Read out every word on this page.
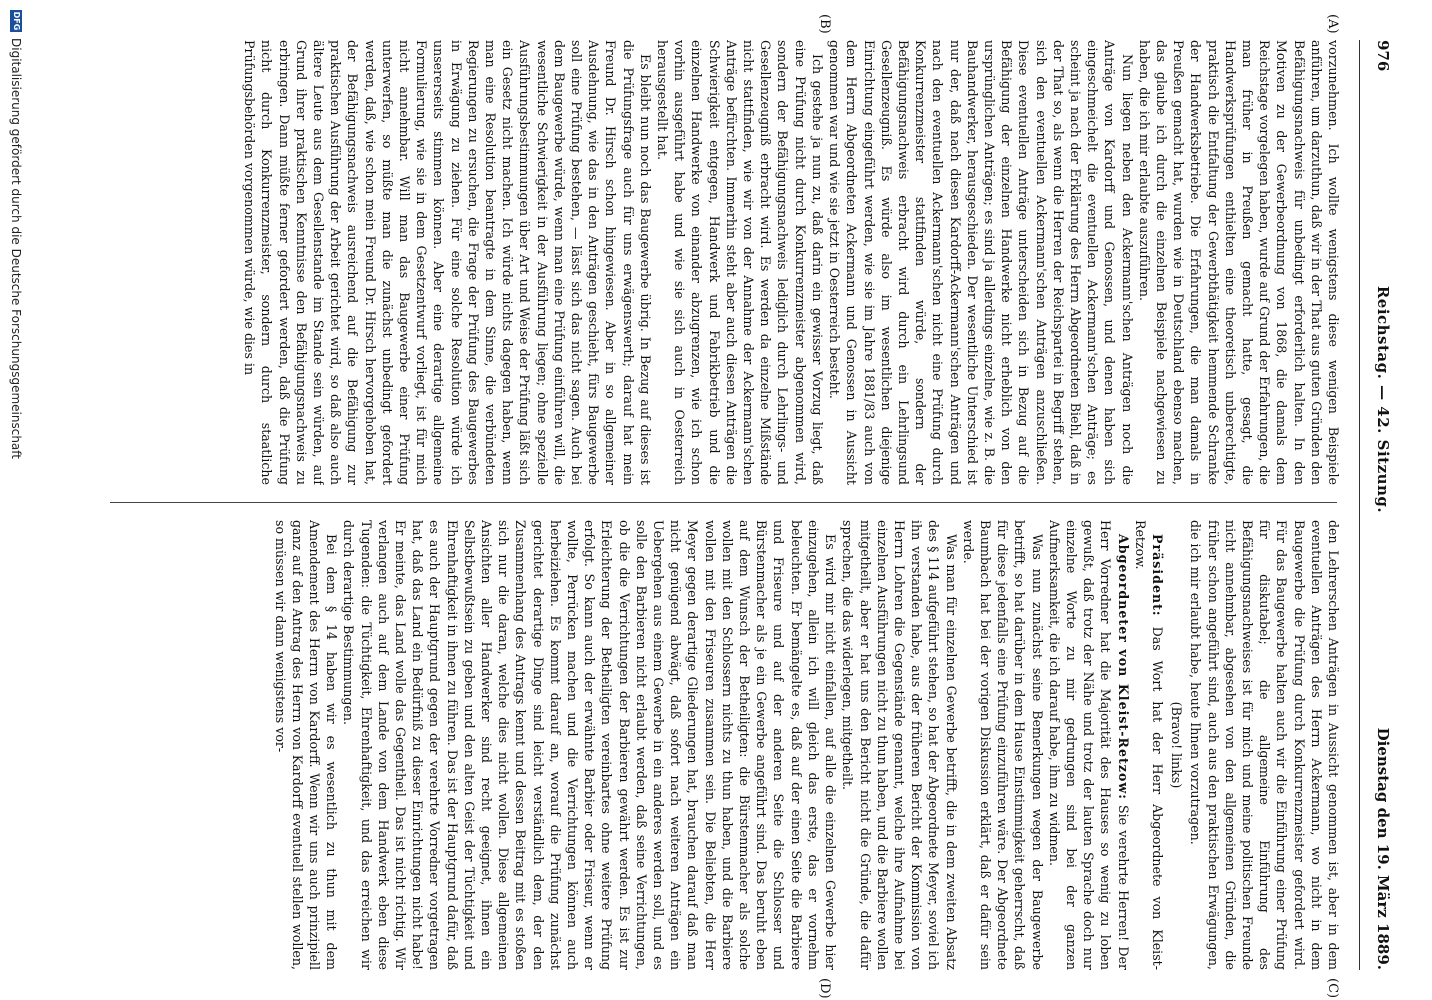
976
Reichstag. — 42. Sitzung.
Dienstag den 19. März 1889.
(A)
(B)
(C)
(D)

vorzunehmen. Ich wollte wenigstens diese wenigen Beispiele anführen, um darzuthun, daß wir in der That aus guten Gründen den Befähigungsnachweis für unbedingt erforderlich halten. In den Motiven zu der Gewerbeordnung von 1868, die damals dem Reichstage vorgelegen haben, wurde auf Grund der Erfahrungen, die man früher in Preußen gemacht hatte, gesagt, die Handwerksprüfungen enthielten eine theoretisch unberechtigte, praktisch die Entfaltung der Gewerbthätigkeit hemmende Schranke der Handwerksbetriebe. Die Erfahrungen, die man damals in Preußen gemacht hat, wurden wie in Deutschland ebenso machen, das glaube ich durch die einzelnen Beispiele nachgewiesen zu haben, die ich mir erlaubte auszuführen.

Nun liegen neben den Ackermann'schen Anträgen noch die Anträge von Kardorff und Genossen, und denen haben sich eingeschmeichelt die eventuellen Ackermann'schen Anträge; es scheint ja nach der Erklärung des Herrn Abgeordneten Biehl, daß in der That so, als wenn die Herren der Reichspartei in Begriff stehen, sich den eventuellen Ackermann'schen Anträgen anzuschließen. Diese eventuellen Anträge unterscheiden sich in Bezug auf die Befähigung der einzelnen Handwerke nicht erheblich von den ursprünglichen Anträgen; es sind ja allerdings einzelne, wie z. B. die Bauhandwerker, herausgeschieden. Der wesentliche Unterschied ist nur der, daß nach diesen Kardorff-Ackermann'schen Anträgen und nach den eventuellen Ackermann'schen nicht eine Prüfung durch Konkurrenzmeister stattfinden würde, sondern der Befähigungsnachweis erbracht wird durch ein Lehrlingsund Gesellenzeugniß. Es würde also im wesentlichen diejenige Einrichtung eingeführt werden, wie sie im Jahre 1881/83 auch von dem Herrn Abgeordneten Ackermann und Genossen in Aussicht genommen war und wie sie jetzt in Oesterreich besteht.

Ich gestehe ja nun zu, daß darin ein gewisser Vorzug liegt, daß eine Prüfung nicht durch Konkurrenzmeister abgenommen wird, sondern der Befähigungsnachweis lediglich durch Lehrlings- und Gesellenzeugniß erbracht wird. Es werden da einzelne Mißstände nicht stattfinden, wie wir von der Annahme der Ackermann'schen Anträge befürchten. Immerhin steht aber auch diesen Anträgen die Schwierigkeit entgegen, Handwerk und Fabrikbetrieb und die einzelnen Handwerke von einander abzugrenzen, wie ich schon vorhin ausgeführt habe und wie sie sich auch in Oesterreich herausgestellt hat.

Es bleibt nun noch das Baugewerbe übrig. In Bezug auf dieses ist die Prüfungsfrage auch für uns erwägenswerth; darauf hat mein Freund Dr. Hirsch schon hingewiesen. Aber in so allgemeiner Ausdehnung, wie das in den Anträgen geschieht, fürs Baugewerbe soll eine Prüfung bestehen, — lässt sich das nicht sagen. Auch bei dem Baugewerbe würde, wenn man eine Prüfung einführen will, die wesentliche Schwierigkeit in der Ausführung liegen; ohne spezielle Ausführungsbestimmungen über Art und Weise der Prüfung läßt sich ein Gesetz nicht machen. Ich würde nichts dagegen haben, wenn man eine Resolution beantragte in dem Sinne, die verbündeten Regierungen zu ersuchen, die Frage der Prüfung des Baugewerbes in Erwägung zu ziehen. Für eine solche Resolution würde ich unsererseits stimmen können. Aber eine derartige allgemeine Formulierung, wie sie in dem Gesetzentwurf vorliegt, ist für mich nicht annehmbar. Will man das Baugewerbe einer Prüfung unterwerfen, so müßte man die zunächst unbedingt gefordert werden, daß, wie schon mein Freund Dr. Hirsch hervorgehoben hat, der Befähigungsnachweis ausreichend auf die Befähigung zur praktischen Ausführung der Arbeit gerichtet wird, so daß also auch ältere Leute aus dem Gesellenstande im Stande sein würden, auf Grund ihrer praktischen Kenntnisse den Befähigungsnachweis zu erbringen. Dann müßte ferner gefordert werden, daß die Prüfung nicht durch Konkurrenzmeister, sondern durch staatliche Prüfungsbehörden vorgenommen würde, wie dies in

den Lehrerschen Anträgen in Aussicht genommen ist, aber in dem eventuellen Anträgen des Herrn Ackermann, wo nicht in dem Baugewerbe die Prüfung durch Konkurrenzmeister gefordert wird. Für das Baugewerbe halten auch wir die Einführung einer Prüfung für diskutabel; die allgemeine Einführung des Befähigungsnachweises ist für mich und meine politischen Freunde nicht annehmbar, abgesehen von den allgemeinen Gründen, die früher schon angeführt sind, auch aus den praktischen Erwägungen, die ich mir erlaubt habe, heute Ihnen vorzutragen.

(Bravo! links)

Präsident: Das Wort hat der Herr Abgeordnete von Kleist-Retzow.

Abgeordneter von Kleist-Retzow: Sie verehrte Herren! Der Herr Vorredner hat die Majorität des Hauses so wenig zu loben gewußt, daß trotz der Nähe und trotz der lauten Sprache doch nur einzelne Worte zu mir gedrungen sind bei der ganzen Aufmerksamkeit, die ich darauf habe, ihm zu widmen.

Was nun zunächst seine Bemerkungen wegen der Baugewerbe betrifft, so hat darüber in dem Hause Einstimmigkeit geherrscht, daß für diese jedenfalls eine Prüfung einzuführen wäre. Der Abgeordnete Baumbach hat bei der vorigen Diskussion erklärt, daß er dafür sein werde.

Was man für einzelnen Gewerbe betrifft, die in dem zweiten Absatz des § 114 aufgeführt stehen, so hat der Abgeordnete Meyer, soviel ich ihn verstanden habe, aus der früheren Bericht der Kommission von Herrn Lohren die Gegenstände genannt, welche ihre Aufnahme bei einzelnen Ausführungen nicht zu thun haben, und die Barbiere wollen mitgetheilt, aber er hat uns den Bericht nicht die Gründe, die dafür sprechen, die das widerlegen, mitgetheilt.

Es wird mir nicht einfallen, auf alle die einzelnen Gewerbe hier einzugehen, allein ich will gleich das erste, das er vornehm beleuchten. Er bemängelte es, daß auf der einen Seite die Barbiere und Friseure und auf der anderen Seite die Schlosser und Bürstenmacher als je ein Gewerbe angeführt sind. Das beruht eben auf dem Wunsch der Betheiligten: die Bürstenmacher als solche wollen mit den Schlossern nichts zu thun haben, und die Barbiere wollen mit den Friseuren zusammen sein. Die Beliebten, die Herr Meyer gegen derartige Gliederungen hat, brauchen darauf daß man nicht genügend abwägt, daß sofort nach weiteren Anträgen ein Uebergehen aus einem Gewerbe in ein anderes werden soll, und es solle den Barbieren nicht erlaubt werden, daß seine Verrichtungen, ob die die Verrichtungen der Barbieren gewährt werden. Es ist zur Erleichterung der Betheiligten vereinbartes ohne weitere Prüfung erfolgt. So kann auch der erwähnte Barbier oder Friseur, wenn er wollte, Perrücken machen und die Verrichtungen können auch herbeiziehen. Es kommt darauf an, worauf die Prüfung zunächst gerichtet derartige Dinge sind leicht verständlich dem, der den Zusammenhang des Antrags kennt und dessen Beitrag mit es stoßen sich nur die daran, welche dies nicht wollen. Diese allgemeinen Ansichten aller Handwerker sind recht geeignet, ihnen ein Selbstbewußtsein zu geben und den alten Geist der Tüchtigkeit und Ehrenhaftigkeit in ihnen zu führen. Das ist der Hauptgrund dafür, daß es auch der Hauptgrund gegen der verehrte Vorredner vorgetragen hat, daß das Land ein Bedürfniß zu dieser Einrichtungen nicht habe! Er meinte, das Land wolle das Gegentheil. Das ist nicht richtig. Wir verlangen auch auf dem Lande von dem Handwerk eben diese Tugenden: die Tüchtigkeit, Ehrenhaftigkeit, und das erreichen wir durch derartige Bestimmungen.

Bei dem § 14 haben wir es wesentlich zu thun mit dem Amendement des Herrn von Kardorff. Wenn wir uns auch prinzipiell ganz auf den Antrag des Herrn von Kardorff eventuell stellen wollen, so müssen wir dann wenigstens vor-

DFG
Digitalisierung gefördert durch die Deutsche Forschungsgemeinschaft
